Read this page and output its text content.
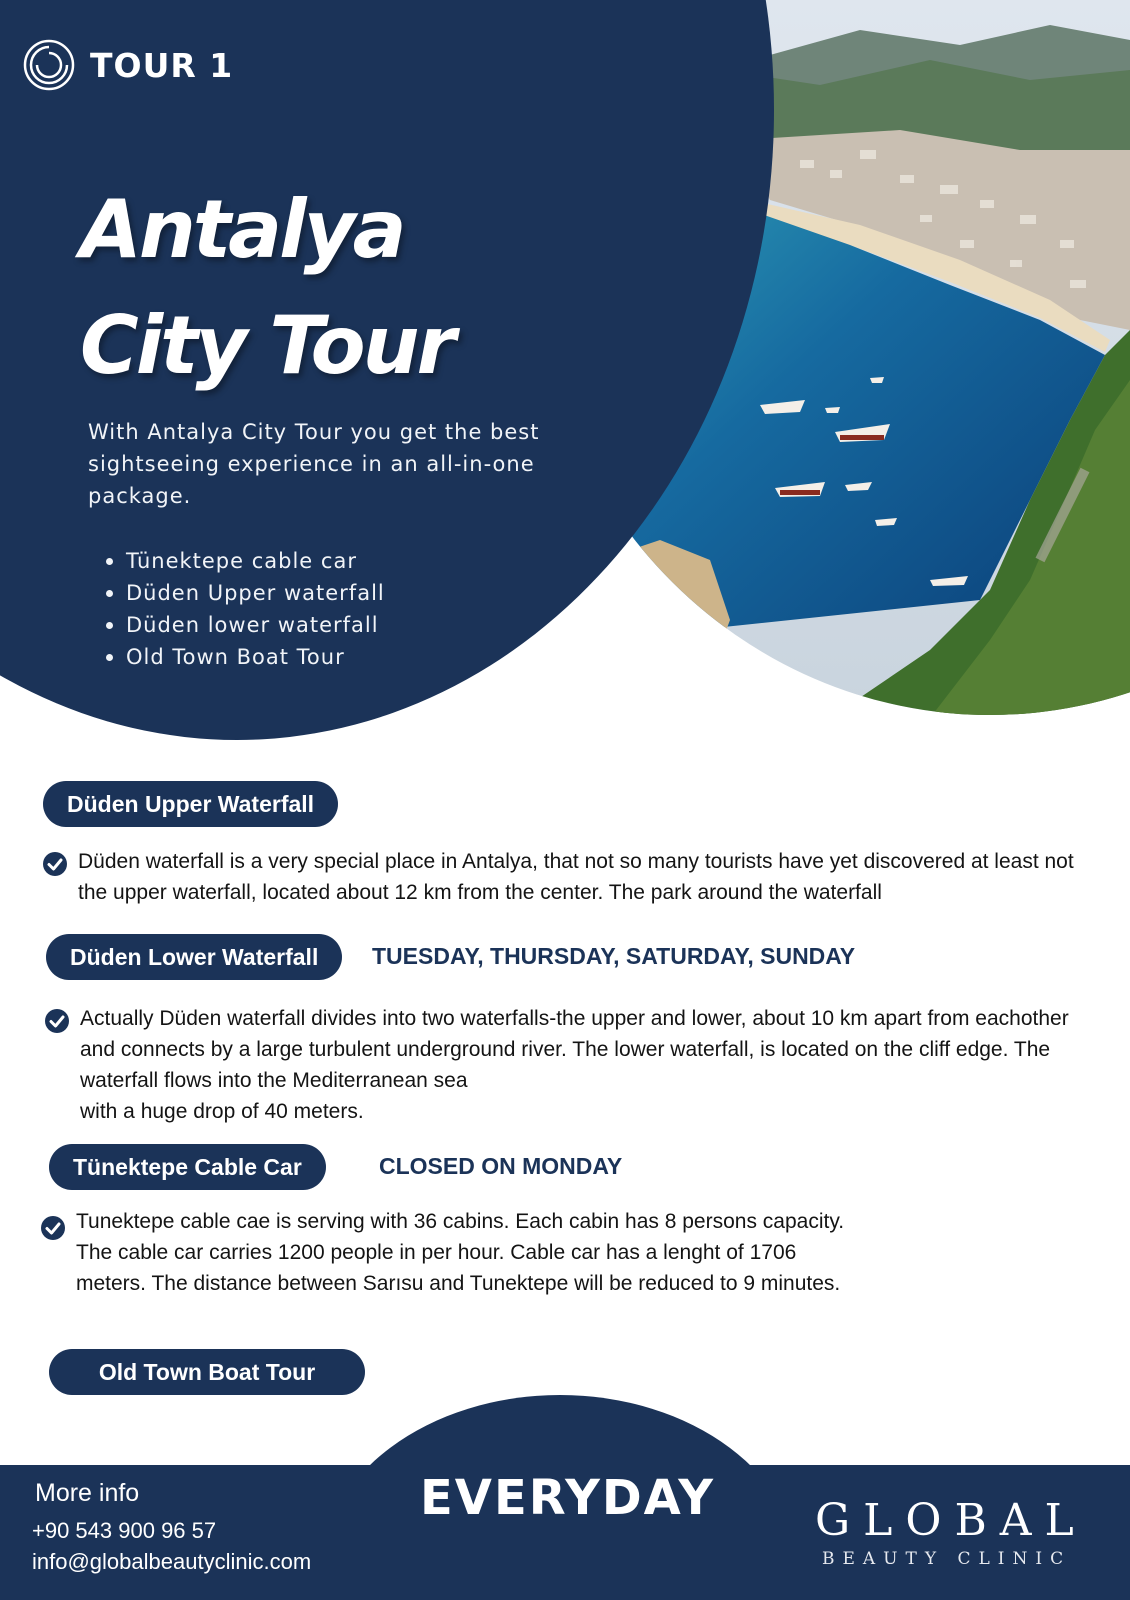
TOUR 1
Antalya
City Tour

With Antalya City Tour you get the best sightseeing experience in an all-in-one package.

Tünektepe cable car
Düden Upper waterfall
Düden lower waterfall
Old Town Boat Tour
Düden Upper Waterfall

Düden waterfall is a very special place in Antalya, that not so many tourists have yet discovered at least not the upper waterfall, located about 12 km from the center. The park around the waterfall

Düden Lower Waterfall	TUESDAY, THURSDAY, SATURDAY, SUNDAY

Actually Düden waterfall divides into two waterfalls-the upper and lower, about 10 km apart from eachother and connects by a large turbulent underground river. The lower waterfall, is located on the cliff edge. The waterfall flows into the Mediterranean sea
with a huge drop of 40 meters.

Tünektepe Cable Car	CLOSED ON MONDAY

Tunektepe cable cae is serving with 36 cabins. Each cabin has 8 persons capacity. The cable car carries 1200 people in per hour. Cable car has a lenght of 1706 meters. The distance between Sarısu and Tunektepe will be reduced to 9 minutes.

Old Town Boat Tour
More info
+90 543 900 96 57
info@globalbeautyclinic.com
EVERYDAY GLOBAL
BEAUTY CLINIC
